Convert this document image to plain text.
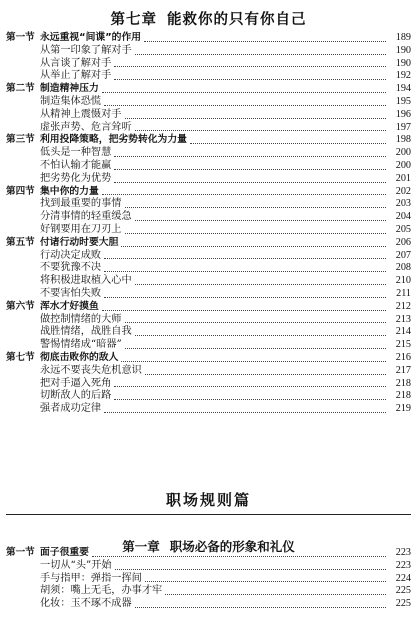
第七章 能救你的只有你自己
第一节 永远重视“间谍”的作用	189
从第一印象了解对手	190
从言谈了解对手	190
从举止了解对手	192
第二节 制造精神压力	194
制造集体恐慌	195
从精神上震慑对手	196
虚张声势、危言耸听	197
第三节 利用投降策略，把劣势转化为力量	198
低头是一种智慧	200
不怕认输才能赢	200
把劣势化为优势	201
第四节 集中你的力量	202
找到最重要的事情	203
分清事情的轻重缓急	204
好钢要用在刀刃上	205
第五节 付诸行动时要大胆	206
行动决定成败	207
不要犹豫不决	208
将积极进取植入心中	210
不要害怕失败	211
第六节 浑水才好摸鱼	212
做控制情绪的大师	213
战胜情绪，战胜自我	214
警惕情绪成“暗器”	215
第七节 彻底击败你的敌人	216
永远不要丧失危机意识	217
把对手逼入死角	218
切断敌人的后路	218
强者成功定律	219
职场规则篇
第一章 职场必备的形象和礼仪
第一节 面子很重要	223
一切从“头”开始	223
手与指甲：弹指一挥间	224
胡须：嘴上无毛，办事才牢	225
化妆：玉不琢不成器	225
